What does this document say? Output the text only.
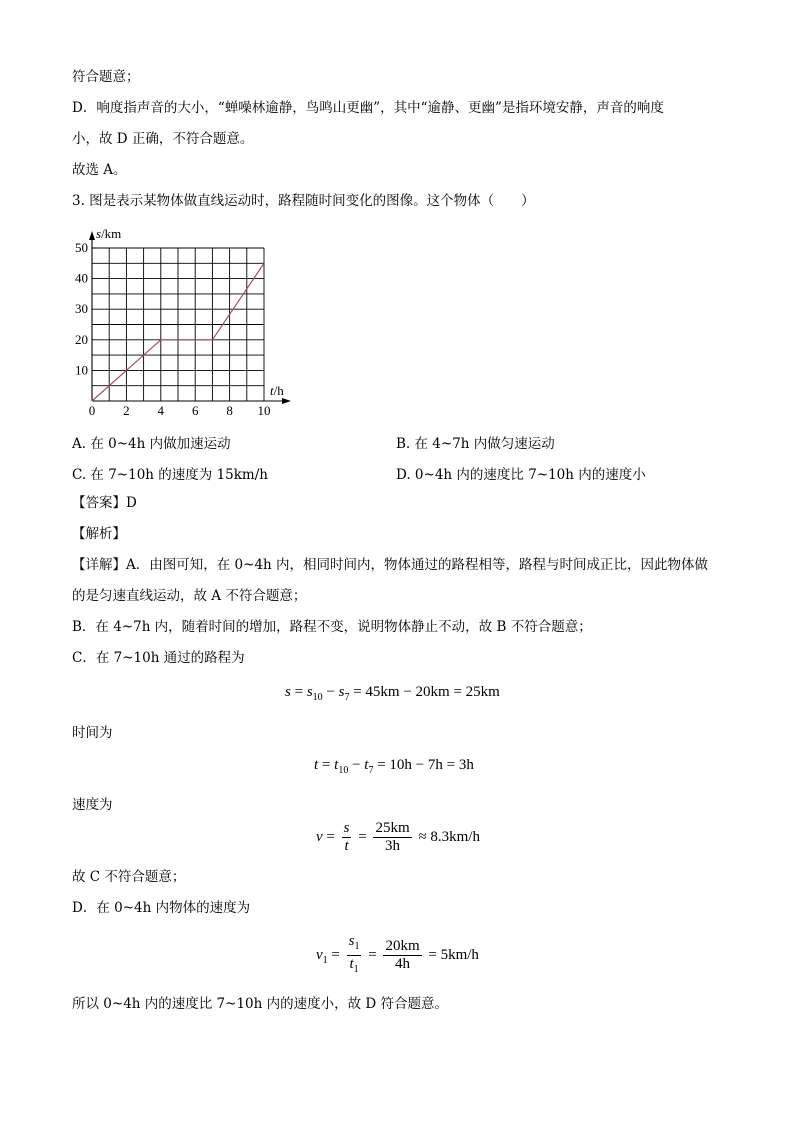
符合题意；
D．响度指声音的大小，“蝉噪林逾静，鸟鸣山更幽”，其中“逾静、更幽”是指环境安静，声音的响度
小，故 D 正确，不符合题意。
故选 A。
3. 图是表示某物体做直线运动时，路程随时间变化的图像。这个物体（　　）
0 2 4 6 8 10
10
20
30
40
50
s/km
t/h
A. 在 0~4h 内做加速运动	B. 在 4~7h 内做匀速运动
C. 在 7~10h 的速度为 15km/h	D. 0~4h 内的速度比 7~10h 内的速度小
【答案】D
【解析】
【详解】A．由图可知，在 0~4h 内，相同时间内，物体通过的路程相等，路程与时间成正比，因此物体做
的是匀速直线运动，故 A 不符合题意；
B．在 4~7h 内，随着时间的增加，路程不变，说明物体静止不动，故 B 不符合题意；
C．在 7~10h 通过的路程为
$s = s_{10} - s_7 = 45km - 20km = 25km$
时间为
$t = t_{10} - t_7 = 10h - 7h = 3h$
速度为
$v = \frac{s}{t} = \frac{25km}{3h} \approx 8.3km/h$
故 C 不符合题意；
D．在 0~4h 内物体的速度为
$v_1 = \frac{s_1}{t_1} = \frac{20km}{4h} = 5km/h$
所以 0~4h 内的速度比 7~10h 内的速度小，故 D 符合题意。
